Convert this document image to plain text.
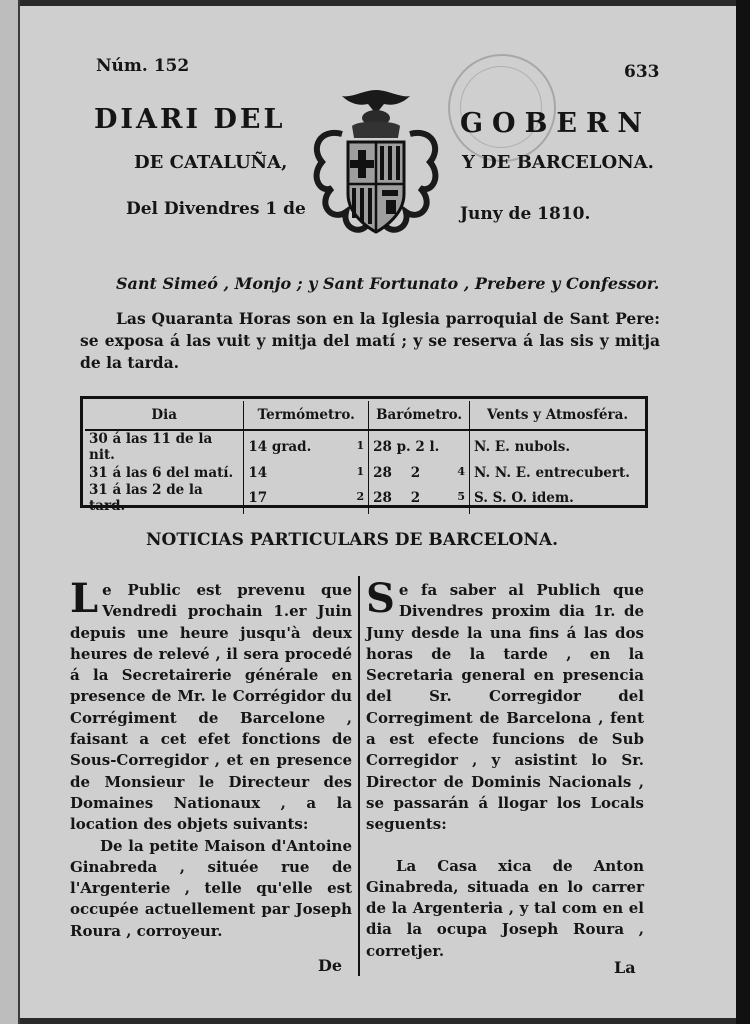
Núm. 152	633
DIARI DEL	GOBERN
DE CATALUÑA,	Y DE BARCELONA.
Del Divendres 1 de	Juny de 1810.
Sant Simeó , Monjo ; y Sant Fortunato , Prebere y Confessor.

Las Quaranta Horas son en la Iglesia parroquial de Sant Pere: se exposa á las vuit y mitja del matí ; y se reserva á las sis y mitja de la tarda.

Dia	Termómetro.	Barómetro.	Vents y Atmosféra.
30 á las 11 de la nit.	14 grad. 1	28 p. 2 l.	N. E. nubols.
31 á las 6 del matí.	14 1	28    2 4	N. N. E. entrecubert.
31 á las 2 de la tard.	17 2	28    2 5	S. S. O. idem.
NOTICIAS PARTICULARS DE BARCELONA.

Le Public est prevenu que Vendredi prochain 1.er Juin depuis une heure jusqu'à deux heures de relevé , il sera procedé á la Secretairerie générale en presence de Mr. le Corrégidor du Corrégiment de Barcelone , faisant a cet efet fonctions de Sous-Corregidor , et en presence de Monsieur le Directeur des Domaines Nationaux , a la location des objets suivants:

De la petite Maison d'Antoine Ginabreda , située rue de l'Argenterie , telle qu'elle est occupée actuellement par Joseph Roura , corroyeur.

Se fa saber al Publich que Divendres proxim dia 1r. de Juny desde la una fins á las dos horas de la tarde , en la Secretaria general en presencia del Sr. Corregidor del Corregiment de Barcelona , fent a est efecte funcions de Sub Corregidor , y asistint lo Sr. Director de Dominis Nacionals , se passarán á llogar los Locals seguents:

La Casa xica de Anton Ginabreda, situada en lo carrer de la Argenteria , y tal com en el dia la ocupa Joseph Roura , corretjer.

De	La
